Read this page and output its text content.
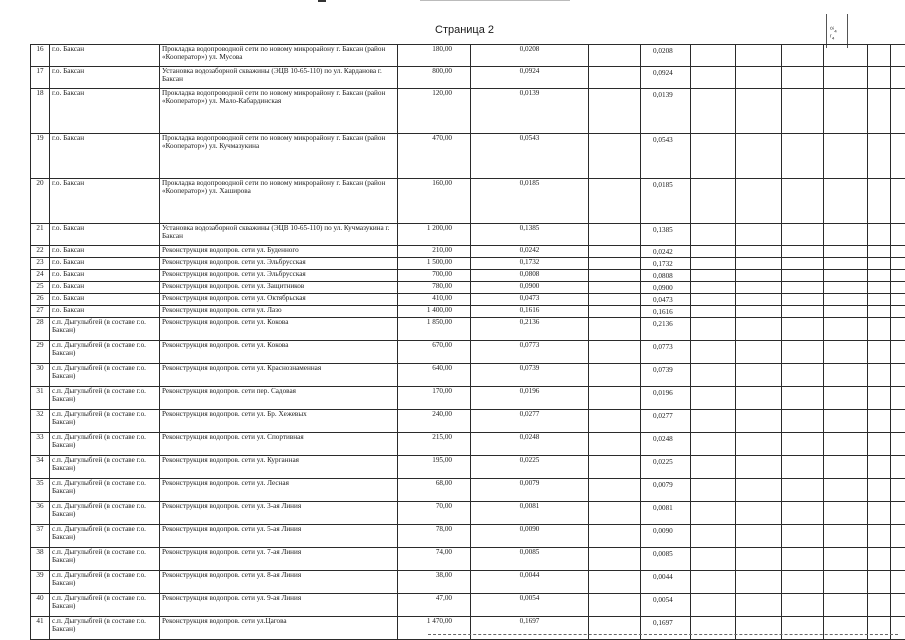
Страница 2	⁰ⁱ₄ ʳ₄
16	г.о. Баксан	Прокладка водопроводной сети по новому микрорайону г. Баксан (район «Кооператор») ул. Мусова	180,00	0,0208		0,0208							
17	г.о. Баксан	Установка водозаборной скважины (ЭЦВ 10-65-110) по ул. Карданова г. Баксан	800,00	0,0924		0,0924							
18	г.о. Баксан	Прокладка водопроводной сети по новому микрорайону г. Баксан (район «Кооператор») ул. Мало-Кабардинская	120,00	0,0139		0,0139							
19	г.о. Баксан	Прокладка водопроводной сети по новому микрорайону г. Баксан (район «Кооператор») ул. Кучмазукина	470,00	0,0543		0,0543							
20	г.о. Баксан	Прокладка водопроводной сети по новому микрорайону г. Баксан (район «Кооператор») ул. Хаширова	160,00	0,0185		0,0185							
21	г.о. Баксан	Установка водозаборной скважины (ЭЦВ 10-65-110) по ул. Кучмазукина г. Баксан	1 200,00	0,1385		0,1385							
22	г.о. Баксан	Реконструкция водопров. сети ул. Буденного	210,00	0,0242		0,0242							
23	г.о. Баксан	Реконструкция водопров. сети ул. Эльбрусская	1 500,00	0,1732		0,1732							
24	г.о. Баксан	Реконструкция водопров. сети ул. Эльбрусская	700,00	0,0808		0,0808							
25	г.о. Баксан	Реконструкция водопров. сети ул. Защитников	780,00	0,0900		0,0900							
26	г.о. Баксан	Реконструкция водопров. сети ул. Октябрьская	410,00	0,0473		0,0473							
27	г.о. Баксан	Реконструкция водопров. сети ул. Лазо	1 400,00	0,1616		0,1616							
28	с.п. Дыгулыбгей (в составе г.о. Баксан)	Реконструкция водопров. сети ул. Кокова	1 850,00	0,2136		0,2136							
29	с.п. Дыгулыбгей (в составе г.о. Баксан)	Реконструкция водопров. сети ул. Кокова	670,00	0,0773		0,0773							
30	с.п. Дыгулыбгей (в составе г.о. Баксан)	Реконструкция водопров. сети ул. Краснознаменная	640,00	0,0739		0,0739							
31	с.п. Дыгулыбгей (в составе г.о. Баксан)	Реконструкция водопров. сети пер. Садовая	170,00	0,0196		0,0196							
32	с.п. Дыгулыбгей (в составе г.о. Баксан)	Реконструкция водопров. сети ул. Бр. Хежевых	240,00	0,0277		0,0277							
33	с.п. Дыгулыбгей (в составе г.о. Баксан)	Реконструкция водопров. сети ул. Спортивная	215,00	0,0248		0,0248							
34	с.п. Дыгулыбгей (в составе г.о. Баксан)	Реконструкция водопров. сети ул. Курганная	195,00	0,0225		0,0225							
35	с.п. Дыгулыбгей (в составе г.о. Баксан)	Реконструкция водопров. сети ул. Лесная	68,00	0,0079		0,0079							
36	с.п. Дыгулыбгей (в составе г.о. Баксан)	Реконструкция водопров. сети ул. 3-ая Линия	70,00	0,0081		0,0081							
37	с.п. Дыгулыбгей (в составе г.о. Баксан)	Реконструкция водопров. сети ул. 5-ая Линия	78,00	0,0090		0,0090							
38	с.п. Дыгулыбгей (в составе г.о. Баксан)	Реконструкция водопров. сети ул. 7-ая Линия	74,00	0,0085		0,0085							
39	с.п. Дыгулыбгей (в составе г.о. Баксан)	Реконструкция водопров. сети ул. 8-ая Линия	38,00	0,0044		0,0044							
40	с.п. Дыгулыбгей (в составе г.о. Баксан)	Реконструкция водопров. сети ул. 9-ая Линия	47,00	0,0054		0,0054							
41	с.п. Дыгулыбгей (в составе г.о. Баксан)	Реконструкция водопров. сети ул.Цагова	1 470,00	0,1697		0,1697							
